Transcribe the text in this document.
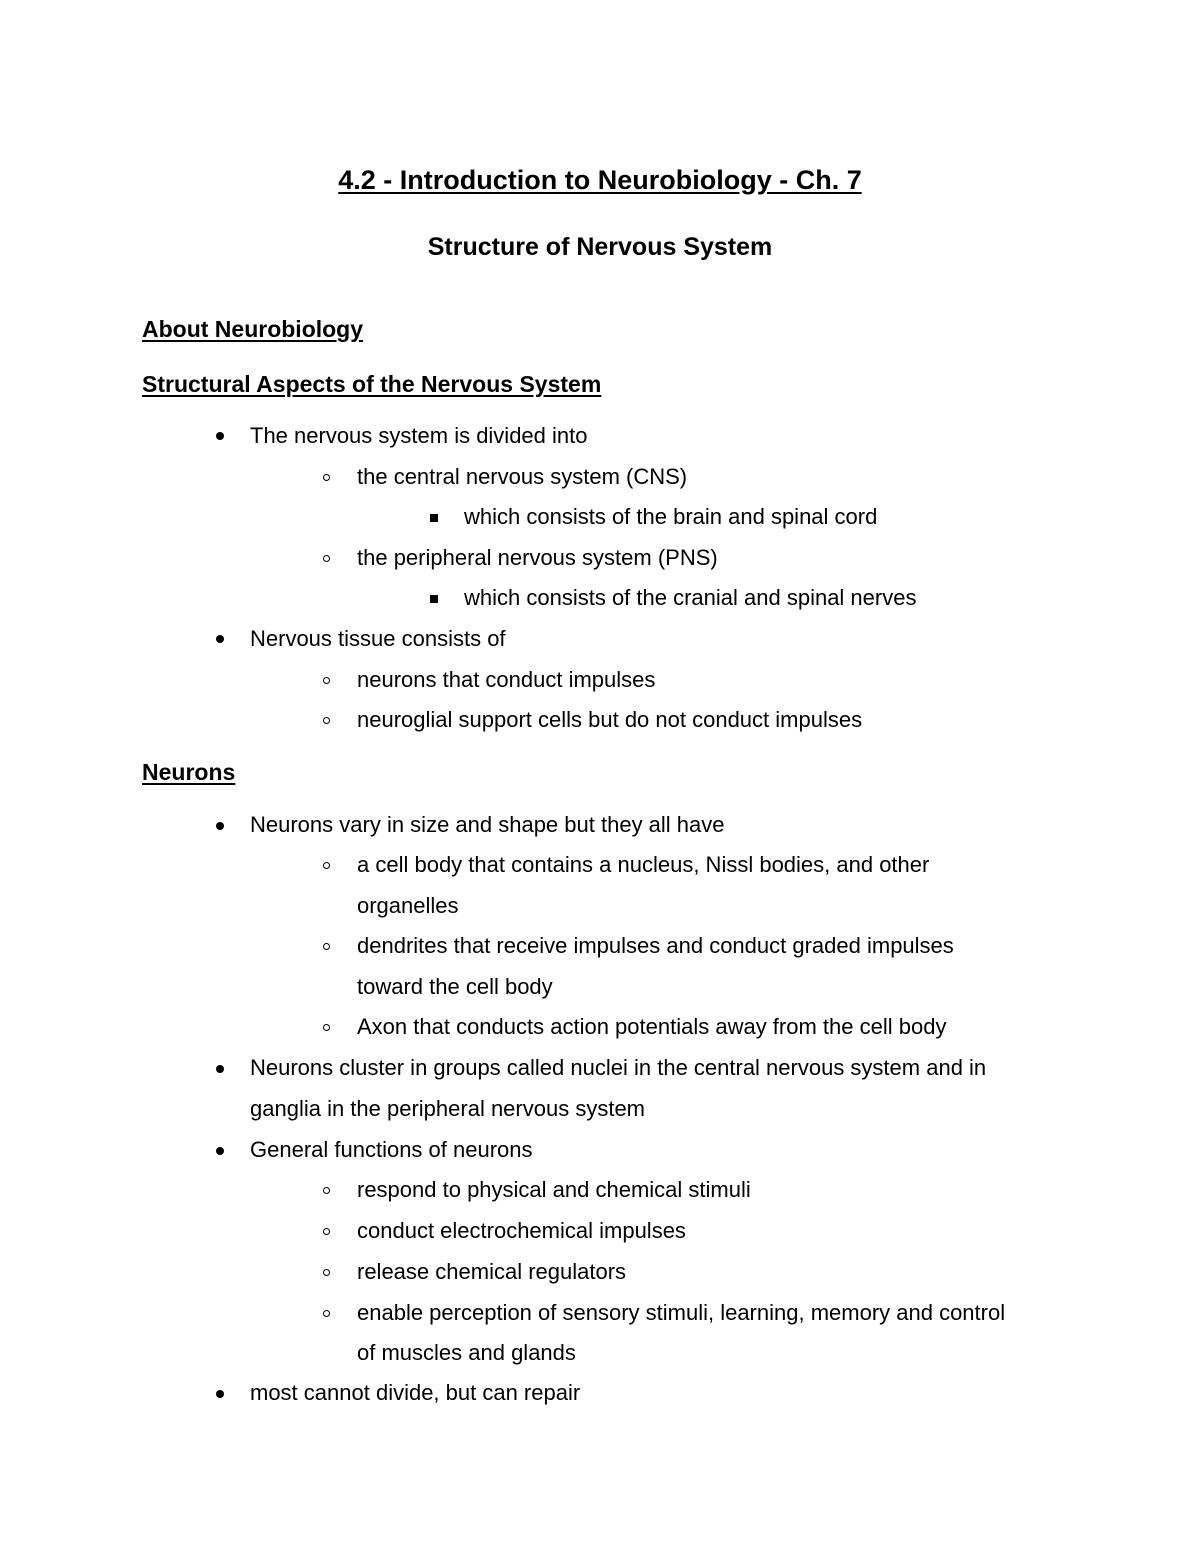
4.2 - Introduction to Neurobiology - Ch. 7
Structure of Nervous System
About Neurobiology
Structural Aspects of the Nervous System
The nervous system is divided into
the central nervous system (CNS)
which consists of the brain and spinal cord
the peripheral nervous system (PNS)
which consists of the cranial and spinal nerves
Nervous tissue consists of
neurons that conduct impulses
neuroglial support cells but do not conduct impulses
Neurons
Neurons vary in size and shape but they all have
a cell body that contains a nucleus, Nissl bodies, and other
organelles
dendrites that receive impulses and conduct graded impulses
toward the cell body
Axon that conducts action potentials away from the cell body
Neurons cluster in groups called nuclei in the central nervous system and in
ganglia in the peripheral nervous system
General functions of neurons
respond to physical and chemical stimuli
conduct electrochemical impulses
release chemical regulators
enable perception of sensory stimuli, learning, memory and control
of muscles and glands
most cannot divide, but can repair
